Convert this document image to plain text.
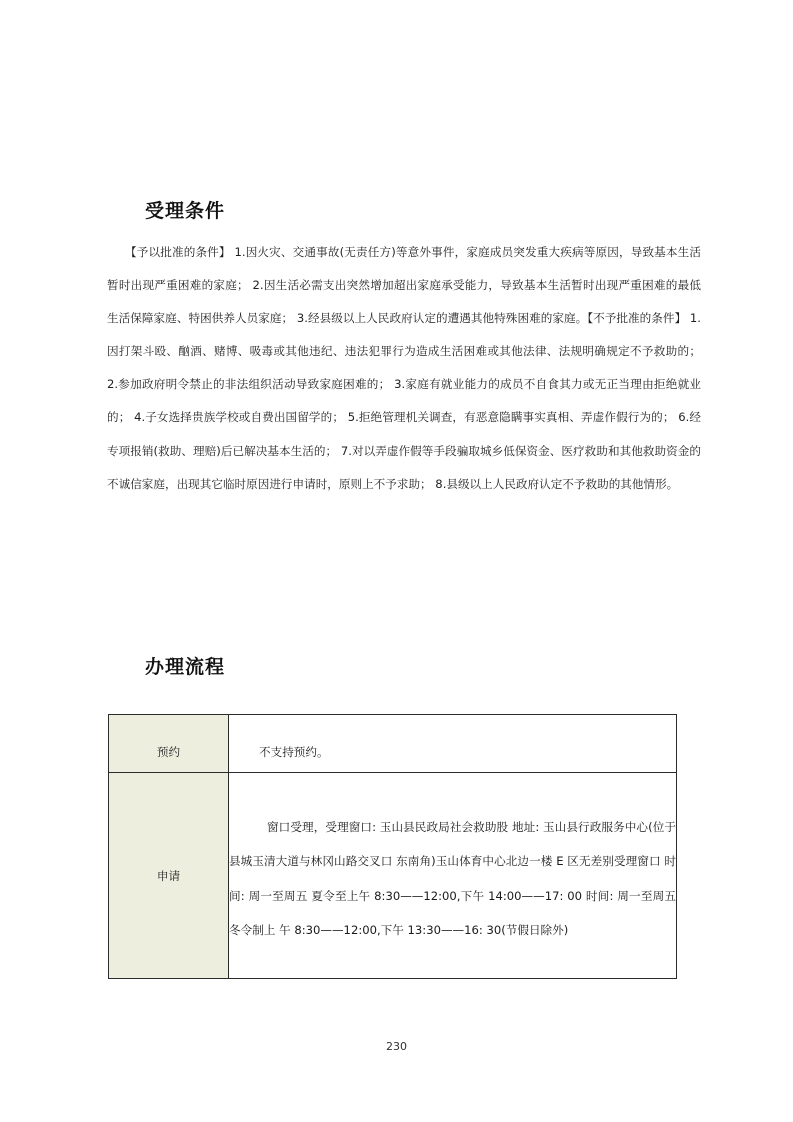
受理条件

【予以批准的条件】 1.因火灾、交通事故(无责任方)等意外事件，家庭成员突发重大疾病等原因，导致基本生活暂时出现严重困难的家庭； 2.因生活必需支出突然增加超出家庭承受能力，导致基本生活暂时出现严重困难的最低生活保障家庭、特困供养人员家庭； 3.经县级以上人民政府认定的遭遇其他特殊困难的家庭。【不予批准的条件】 1.因打架斗殴、酗酒、赌博、吸毒或其他违纪、违法犯罪行为造成生活困难或其他法律、法规明确规定不予救助的； 2.参加政府明令禁止的非法组织活动导致家庭困难的； 3.家庭有就业能力的成员不自食其力或无正当理由拒绝就业的； 4.子女选择贵族学校或自费出国留学的； 5.拒绝管理机关调查，有恶意隐瞒事实真相、弄虚作假行为的； 6.经专项报销(救助、理赔)后已解决基本生活的； 7.对以弄虚作假等手段骗取城乡低保资金、医疗救助和其他救助资金的不诚信家庭，出现其它临时原因进行申请时，原则上不予求助； 8.县级以上人民政府认定不予救助的其他情形。

办理流程
预约	不支持预约。
申请	窗口受理，受理窗口: 玉山县民政局社会救助股 地址: 玉山县行政服务中心(位于县城玉清大道与林冈山路交叉口 东南角)玉山体育中心北边一楼 E 区无差别受理窗口 时间: 周一至周五 夏令至上午 8:30——12:00,下午 14:00——17: 00 时间: 周一至周五 冬令制上 午 8:30——12:00,下午 13:30——16: 30(节假日除外)

230
